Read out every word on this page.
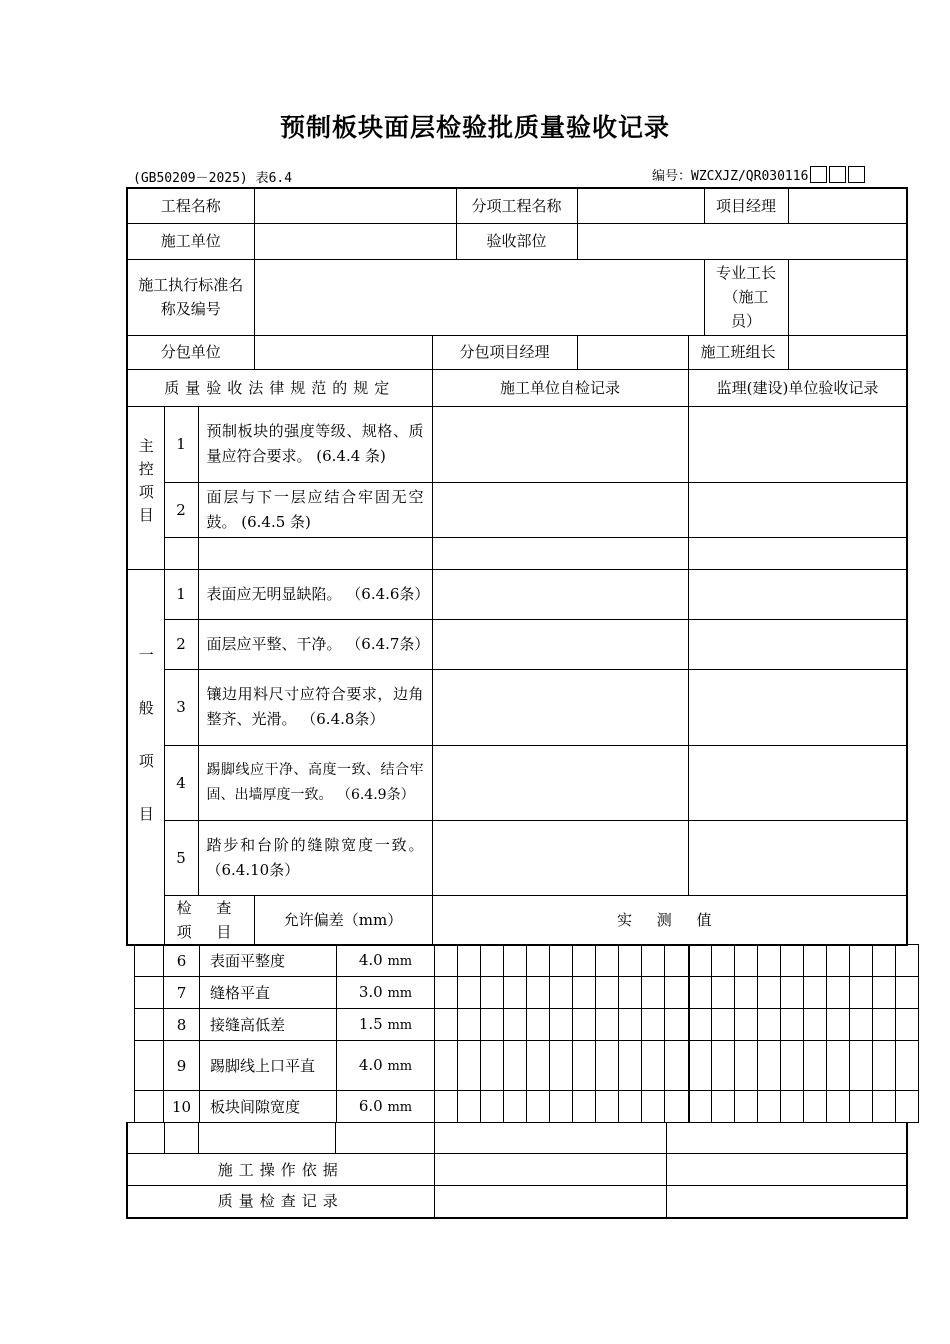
预制板块面层检验批质量验收记录
(GB50209－2025) 表6.4	编号：WZCXJZ/QR030116
工程名称					分项工程名称			项目经理	
施工单位					验收部位				
施工执行标准名称及编号								专业工长（施工员）	
分包单位				分包项目经理			施工班组长		
质量验收法律规范的规定				施工单位自检记录			监理(建设)单位验收记录		
主控项目	1	预制板块的强度等级、规格、质量应符合要求。 (6.4.4 条)							
	2	面层与下一层应结合牢固无空鼓。 (6.4.5 条)							

一般项目	1	表面应无明显缺陷。 （6.4.6条）							
	2	面层应平整、干净。 （6.4.7条）							
	3	镶边用料尺寸应符合要求，边角整齐、光滑。 （6.4.8条）							
	4	踢脚线应干净、高度一致、结合牢固、出墙厚度一致。 （6.4.9条）							
	5	踏步和台阶的缝隙宽度一致。 （6.4.10条）							
	检 查 项 目		允许偏差（mm）	实 测 值					
	6	表面平整度	4.0 mm																					
	7	缝格平直	3.0 mm																					
	8	接缝高低差	1.5 mm																					
	9	踢脚线上口平直	4.0 mm																					
	10	板块间隙宽度	6.0 mm																					

施工操作依据					
质量检查记录					
